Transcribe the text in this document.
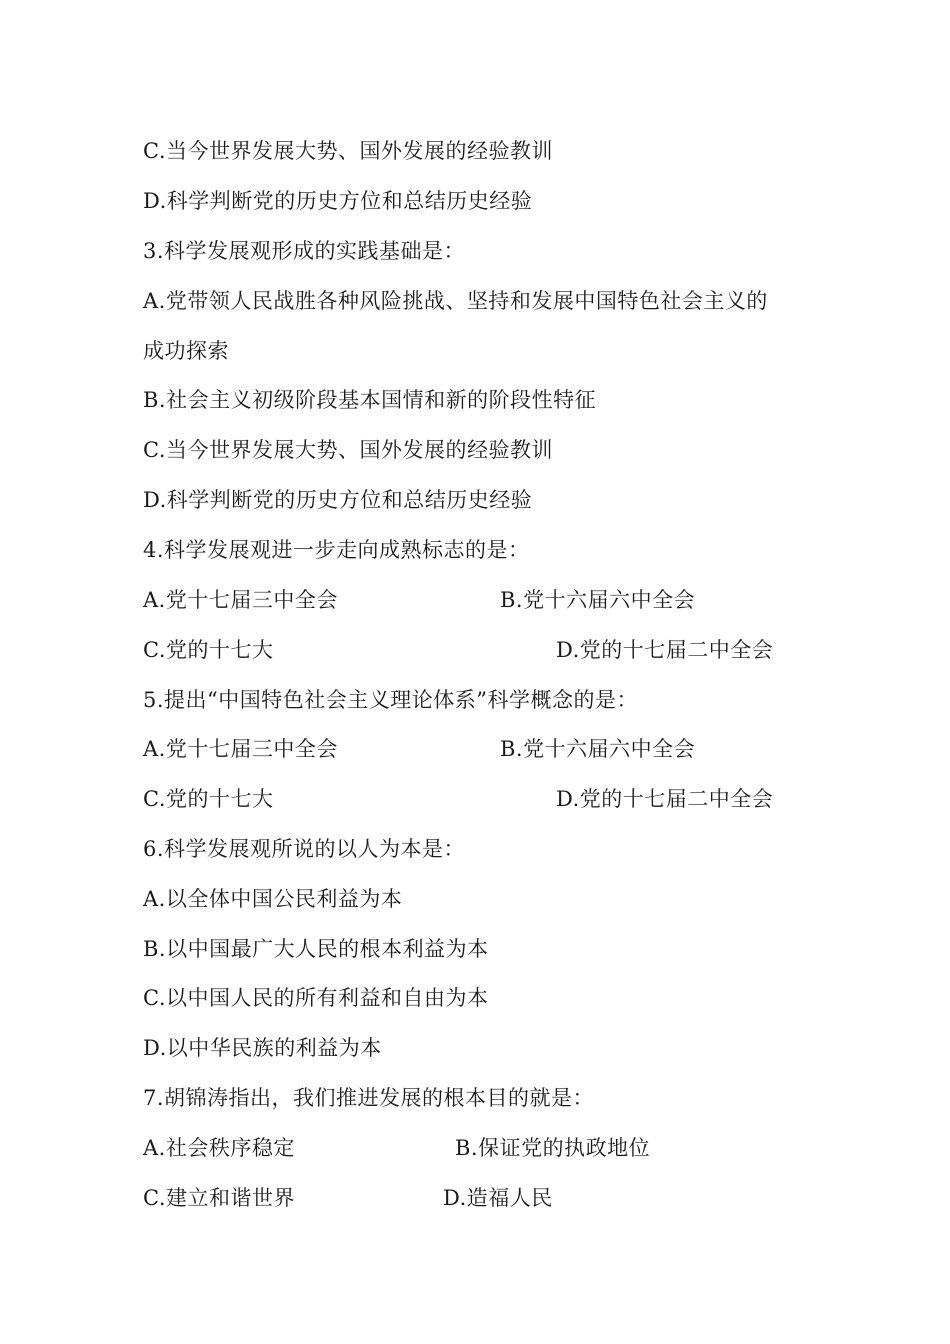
C.当今世界发展大势、国外发展的经验教训
D.科学判断党的历史方位和总结历史经验
3.科学发展观形成的实践基础是：
A.党带领人民战胜各种风险挑战、坚持和发展中国特色社会主义的
成功探索
B.社会主义初级阶段基本国情和新的阶段性特征
C.当今世界发展大势、国外发展的经验教训
D.科学判断党的历史方位和总结历史经验
4.科学发展观进一步走向成熟标志的是：
A.党十七届三中全会	B.党十六届六中全会
C.党的十七大	D.党的十七届二中全会
5.提出“中国特色社会主义理论体系”科学概念的是：
A.党十七届三中全会	B.党十六届六中全会
C.党的十七大	D.党的十七届二中全会
6.科学发展观所说的以人为本是：
A.以全体中国公民利益为本
B.以中国最广大人民的根本利益为本
C.以中国人民的所有利益和自由为本
D.以中华民族的利益为本
7.胡锦涛指出，我们推进发展的根本目的就是：
A.社会秩序稳定	B.保证党的执政地位
C.建立和谐世界	D.造福人民
